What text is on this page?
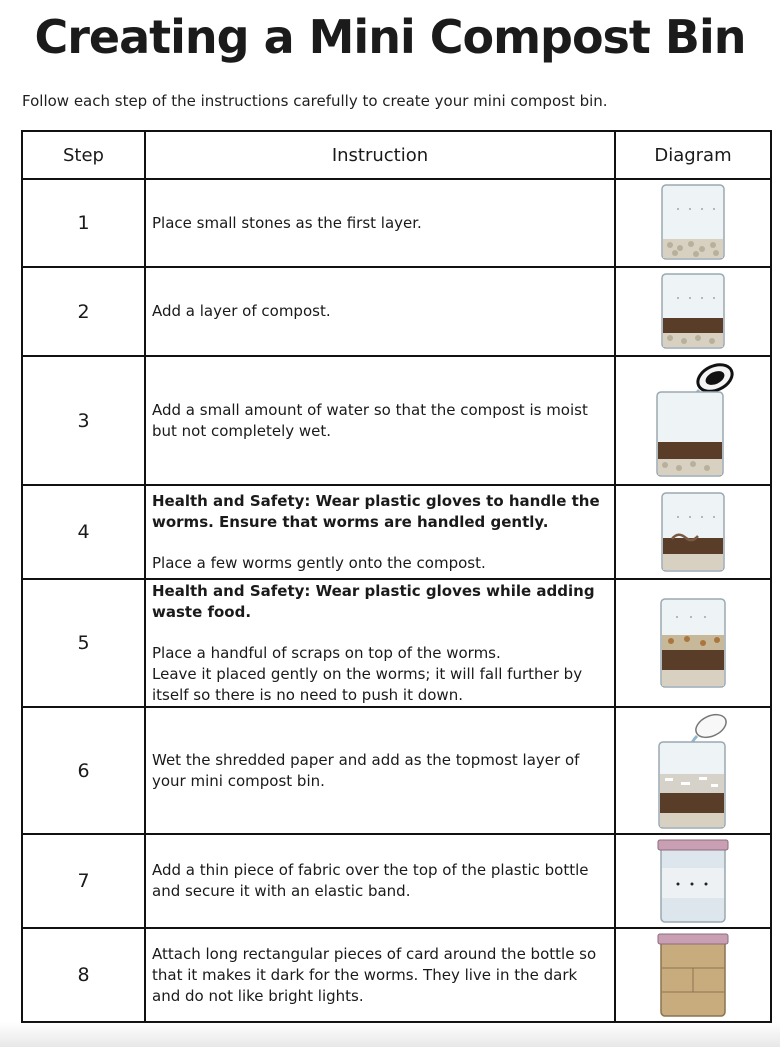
Creating a Mini Compost Bin
Follow each step of the instructions carefully to create your mini compost bin.
Step	Instruction	Diagram
1	Place small stones as the first layer.	

2	Add a layer of compost.	

3	Add a small amount of water so that the compost is moist but not completely wet.	

4	Health and Safety: Wear plastic gloves to handle the worms. Ensure that worms are handled gently.
Place a few worms gently onto the compost.

5	Health and Safety: Wear plastic gloves while adding waste food.
Place a handful of scraps on top of the worms.
Leave it placed gently on the worms; it will fall further by itself so there is no need to push it down.

6	Wet the shredded paper and add as the topmost layer of your mini compost bin.	

7	Add a thin piece of fabric over the top of the plastic bottle and secure it with an elastic band.	

8	Attach long rectangular pieces of card around the bottle so that it makes it dark for the worms. They live in the dark and do not like bright lights.	
